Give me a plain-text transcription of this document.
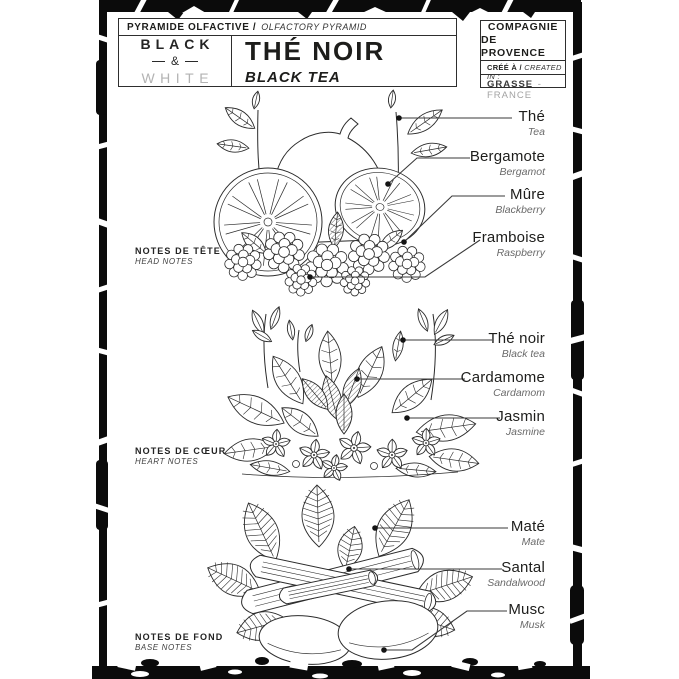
PYRAMIDE OLFACTIVE / OLFACTORY PYRAMID
BLACK
&
WHITE
THÉ NOIR
BLACK TEA
COMPAGNIE
DE PROVENCE
CRÉÉ À / CREATED IN :
GRASSE - FRANCE
NOTES DE TÊTE
HEAD NOTES
NOTES DE CŒUR
HEART NOTES
NOTES DE FOND
BASE NOTES
Thé
Tea
Bergamote
Bergamot
Mûre
Blackberry
Framboise
Raspberry
Thé noir
Black tea
Cardamome
Cardamom
Jasmin
Jasmine
Maté
Mate
Santal
Sandalwood
Musc
Musk
